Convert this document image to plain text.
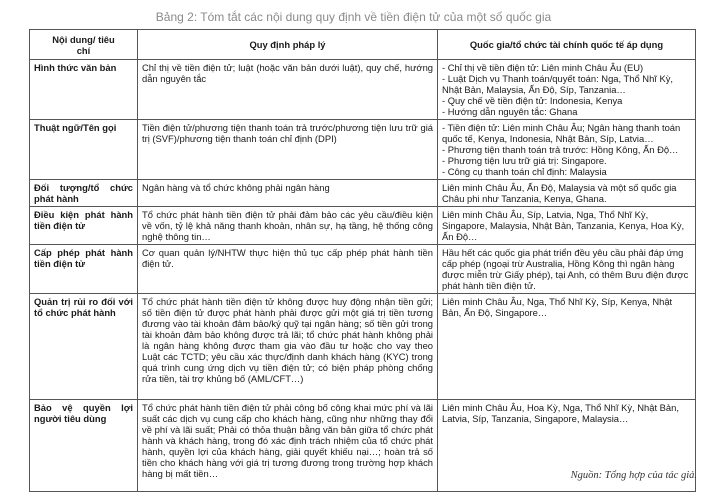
Bảng 2: Tóm tắt các nội dung quy định về tiền điện tử của một số quốc gia
Nội dung/ tiêu chí	Quy định pháp lý	Quốc gia/tổ chức tài chính quốc tế áp dụng
Hình thức văn bản	Chỉ thị về tiền điện tử; luật (hoặc văn bản dưới luật), quy chế, hướng dẫn nguyên tắc	- Chỉ thị về tiền điện tử: Liên minh Châu Âu (EU)
- Luật Dịch vụ Thanh toán/quyết toán: Nga, Thổ Nhĩ Kỳ, Nhật Bản, Malaysia, Ấn Độ, Síp, Tanzania…
- Quy chế về tiền điện tử: Indonesia, Kenya
- Hướng dẫn nguyên tắc: Ghana

Thuật ngữ/Tên gọi	Tiền điện tử/phương tiện thanh toán trả trước/phương tiện lưu trữ giá trị (SVF)/phương tiện thanh toán chỉ định (DPI)	- Tiền điện tử: Liên minh Châu Âu; Ngân hàng thanh toán quốc tế, Kenya, Indonesia, Nhật Bản, Síp, Latvia…
- Phương tiện thanh toán trả trước: Hồng Kông, Ấn Độ…
- Phương tiện lưu trữ giá trị: Singapore.
- Công cụ thanh toán chỉ định: Malaysia

Đối tượng/tổ chức phát hành	Ngân hàng và tổ chức không phải ngân hàng	Liên minh Châu Âu, Ấn Độ, Malaysia và một số quốc gia Châu phi như Tanzania, Kenya, Ghana.

Điều kiện phát hành tiền điện tử	Tổ chức phát hành tiền điện tử phải đảm bảo các yêu cầu/điều kiện về vốn, tỷ lệ khả năng thanh khoản, nhân sự, hạ tầng, hệ thống công nghệ thông tin…	Liên minh Châu Âu, Síp, Latvia, Nga, Thổ Nhĩ Kỳ, Singapore, Malaysia, Nhật Bản, Tanzania, Kenya, Hoa Kỳ, Ấn Độ…

Cấp phép phát hành tiền điện tử	Cơ quan quản lý/NHTW thực hiện thủ tục cấp phép phát hành tiền điện tử.	Hầu hết các quốc gia phát triển đều yêu cầu phải đáp ứng cấp phép (ngoại trừ Australia, Hồng Kông thì ngân hàng được miễn trừ Giấy phép), tại Anh, có thêm Bưu điện được phát hành tiền điện tử.

Quản trị rủi ro đối với tổ chức phát hành	Tổ chức phát hành tiền điện tử không được huy động nhận tiền gửi; số tiền điện tử được phát hành phải được gửi một giá trị tiền tương đương vào tài khoản đảm bảo/ký quỹ tại ngân hàng; số tiền gửi trong tài khoản đảm bảo không được trả lãi; tổ chức phát hành không phải là ngân hàng không được tham gia vào đầu tư hoặc cho vay theo Luật các TCTD; yêu cầu xác thực/định danh khách hàng (KYC) trong quá trình cung ứng dịch vụ tiền điện tử; có biện pháp phòng chống rửa tiền, tài trợ khủng bố (AML/CFT…)	Liên minh Châu Âu, Nga, Thổ Nhĩ Kỳ, Síp, Kenya, Nhật Bản, Ấn Độ, Singapore…

Bảo vệ quyền lợi người tiêu dùng	Tổ chức phát hành tiền điện tử phải công bố công khai mức phí và lãi suất các dịch vụ cung cấp cho khách hàng, cũng như những thay đổi về phí và lãi suất; Phải có thỏa thuận bằng văn bản giữa tổ chức phát hành và khách hàng, trong đó xác định trách nhiệm của tổ chức phát hành, quyền lợi của khách hàng, giải quyết khiếu nại…; hoàn trả số tiền cho khách hàng với giá trị tương đương trong trường hợp khách hàng bị mất tiền…	Liên minh Châu Âu, Hoa Kỳ, Nga, Thổ Nhĩ Kỳ, Nhật Bản, Latvia, Síp, Tanzania, Singapore, Malaysia…
Nguồn: Tổng hợp của tác giả.
